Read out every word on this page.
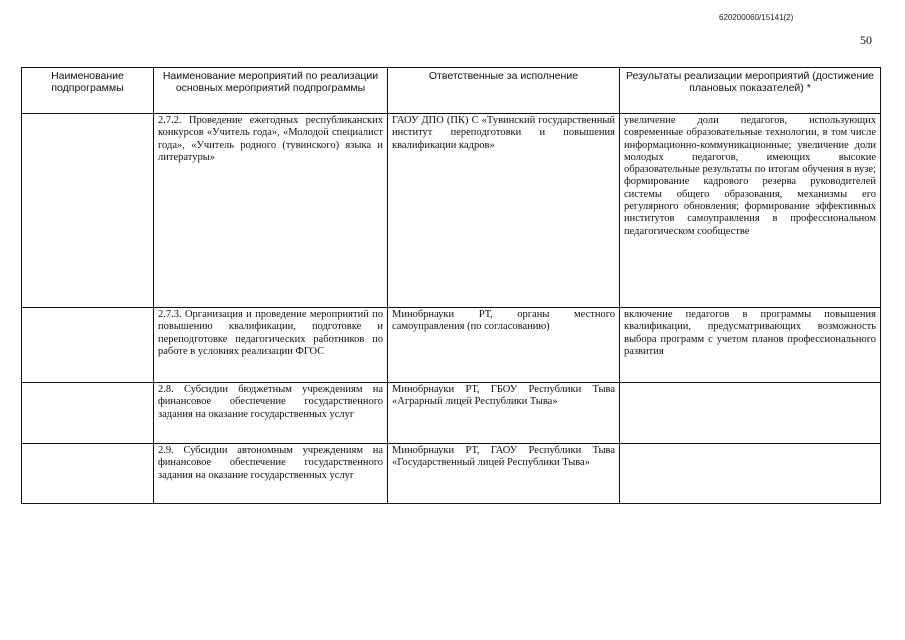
620200060/15141(2)
50
Наименование подпрограммы	Наименование мероприятий по реализации основных мероприятий подпрограммы	Ответственные за исполнение	Результаты реализации мероприятий (достижение плановых показателей) *
	2.7.2. Проведение ежегодных республиканских конкурсов «Учитель года», «Молодой специалист года», «Учитель родного (тувинского) языка и литературы»	ГАОУ ДПО (ПК) С «Тувинский государственный институт переподготовки и повышения квалификации кадров»	увеличение доли педагогов, использующих современные образовательные технологии, в том числе информационно-коммуникационные; увеличение доли молодых педагогов, имеющих высокие образовательные результаты по итогам обучения в вузе; формирование кадрового резерва руководителей системы общего образования, механизмы его регулярного обновления; формирование эффективных институтов самоуправления в профессиональном педагогическом сообществе
	2.7.3. Организация и проведение мероприятий по повышению квалификации, подготовке и переподготовке педагогических работников по работе в условиях реализации ФГОС	Минобрнауки РТ, органы местного самоуправления (по согласованию)	включение педагогов в программы повышения квалификации, предусматривающих возможность выбора программ с учетом планов профессионального развития
	2.8. Субсидии бюджетным учреждениям на финансовое обеспечение государственного задания на оказание государственных услуг	Минобрнауки РТ, ГБОУ Республики Тыва «Аграрный лицей Республики Тыва»	
	2.9. Субсидии автономным учреждениям на финансовое обеспечение государственного задания на оказание государственных услуг	Минобрнауки РТ, ГАОУ Республики Тыва «Государственный лицей Республики Тыва»	
